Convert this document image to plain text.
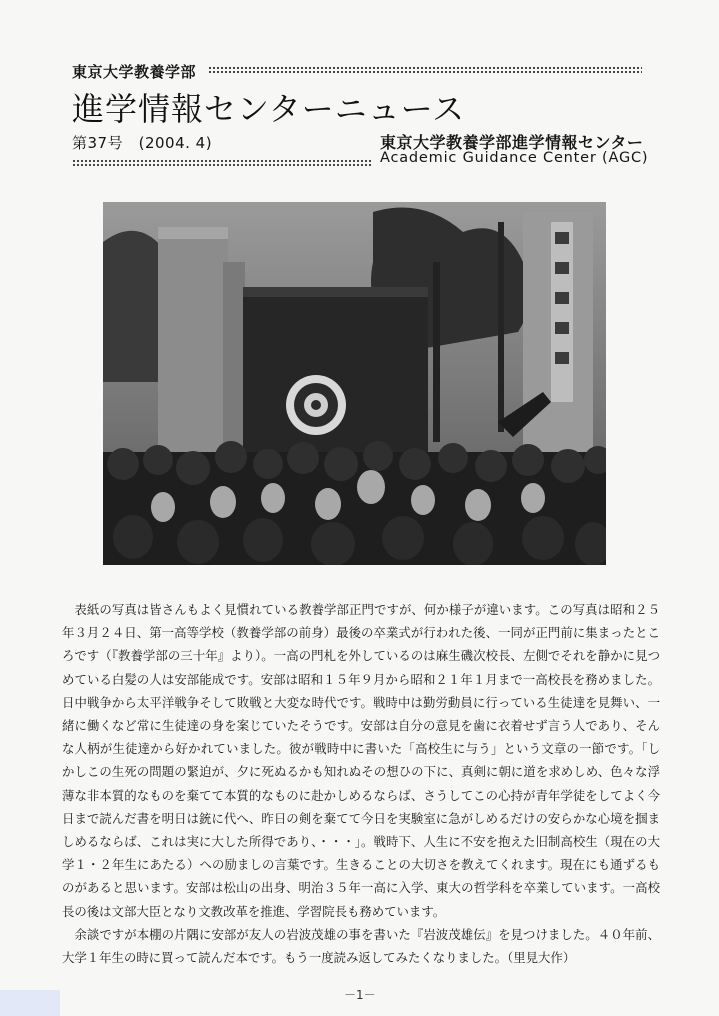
東京大学教養学部
進学情報センターニュース
第37号　(2004. 4)	東京大学教養学部進学情報センター
Academic Guidance Center (AGC)

表紙の写真は皆さんもよく見慣れている教養学部正門ですが、何か様子が違います。この写真は昭和２５年３月２４日、第一高等学校（教養学部の前身）最後の卒業式が行われた後、一同が正門前に集まったところです（『教養学部の三十年』より）。一高の門札を外しているのは麻生磯次校長、左側でそれを静かに見つめている白髪の人は安部能成です。安部は昭和１５年９月から昭和２１年１月まで一高校長を務めました。日中戦争から太平洋戦争そして敗戦と大変な時代です。戦時中は勤労動員に行っている生徒達を見舞い、一緒に働くなど常に生徒達の身を案じていたそうです。安部は自分の意見を歯に衣着せず言う人であり、そんな人柄が生徒達から好かれていました。彼が戦時中に書いた「高校生に与う」という文章の一節です。「しかしこの生死の問題の緊迫が、夕に死ぬるかも知れぬその想ひの下に、真剣に朝に道を求めしめ、色々な浮薄な非本質的なものを棄てて本質的なものに赴かしめるならば、さうしてこの心持が青年学徒をしてよく今日まで読んだ書を明日は銃に代へ、昨日の剣を棄てて今日を実験室に急がしめるだけの安らかな心境を掴ましめるならば、これは実に大した所得であり、・・・」。戦時下、人生に不安を抱えた旧制高校生（現在の大学１・２年生にあたる）への励ましの言葉です。生きることの大切さを教えてくれます。現在にも通ずるものがあると思います。安部は松山の出身、明治３５年一高に入学、東大の哲学科を卒業しています。一高校長の後は文部大臣となり文教改革を推進、学習院長も務めています。

余談ですが本棚の片隅に安部が友人の岩波茂雄の事を書いた『岩波茂雄伝』を見つけました。４０年前、大学１年生の時に買って読んだ本です。もう一度読み返してみたくなりました。（里見大作）

－1－
